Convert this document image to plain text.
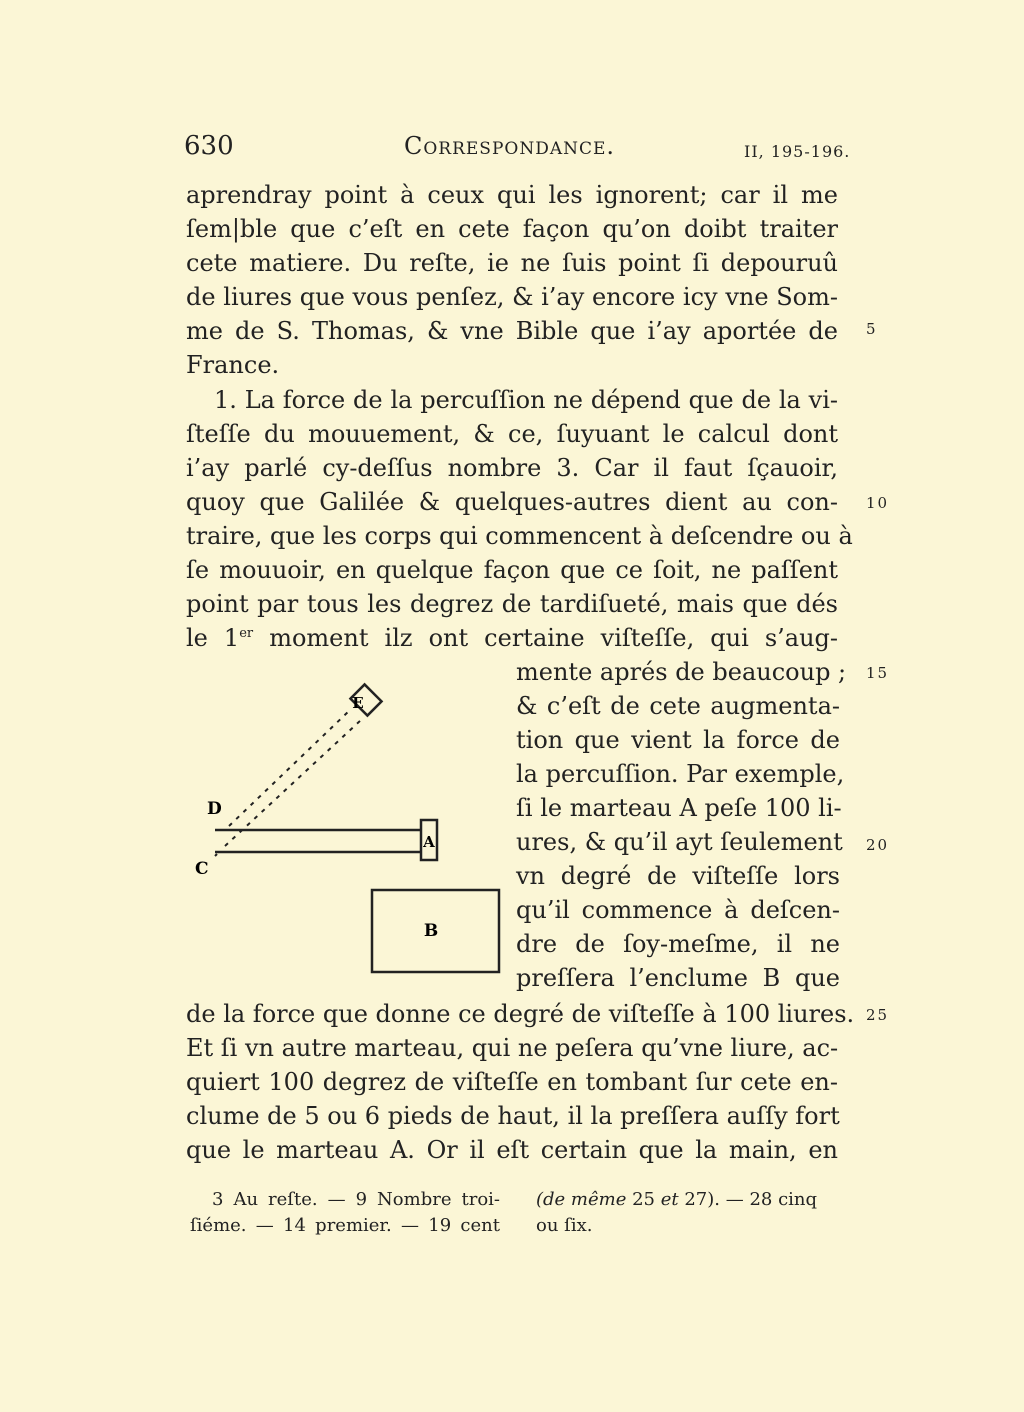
630	Correspondance.	II, 195-196.
aprendray point à ceux qui les ignorent; car il me
ſem|ble que c’eſt en cete façon qu’on doibt traiter
cete matiere. Du reſte, ie ne ſuis point ſi depouruû
de liures que vous penſez, & i’ay encore icy vne Som-
me de S. Thomas, & vne Bible que i’ay aportée de
France.
1. La force de la percuſſion ne dépend que de la vi-
ſteſſe du mouuement, & ce, ſuyuant le calcul dont
i’ay parlé cy-deſſus nombre 3. Car il faut ſçauoir,
quoy que Galilée & quelques-autres dient au con-
traire, que les corps qui commencent à deſcendre ou à
ſe mouuoir, en quelque façon que ce ſoit, ne paſſent
point par tous les degrez de tardiſueté, mais que dés
le 1er moment ilz ont certaine viſteſſe, qui s’aug-
mente aprés de beaucoup ;
& c’eſt de cete augmenta-
tion que vient la force de
la percuſſion. Par exemple,
ſi le marteau A peſe 100 li-
ures, & qu’il ayt ſeulement
vn degré de viſteſſe lors
qu’il commence à deſcen-
dre de ſoy-meſme, il ne
preſſera l’enclume B que
de la force que donne ce degré de viſteſſe à 100 liures.
Et ſi vn autre marteau, qui ne peſera qu’vne liure, ac-
quiert 100 degrez de viſteſſe en tombant ſur cete en-
clume de 5 ou 6 pieds de haut, il la preſſera auſſy fort
que le marteau A. Or il eſt certain que la main, en
5
10
15
20
25
E
D
C
A
B
3 Au reſte. — 9 Nombre troi-
ſiéme. — 14 premier. — 19 cent
(de même 25 et 27). — 28 cinq
ou ſix.
